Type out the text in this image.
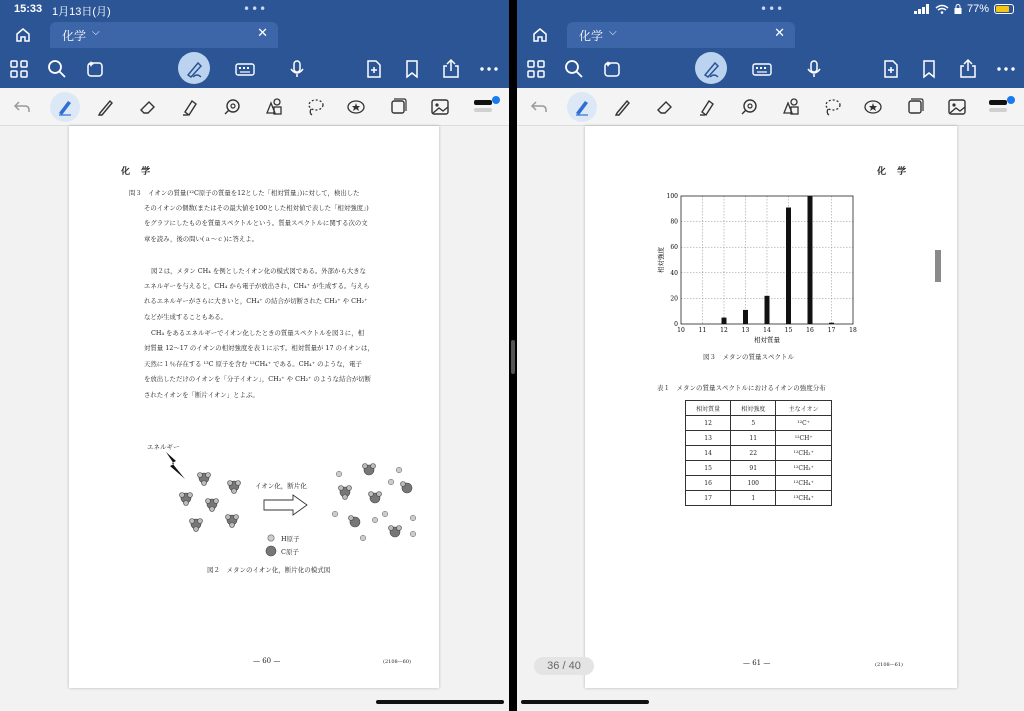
15:33 1月13日(月)	•••	•••	77%
化学 ⌵	✕
化 学

問３　イオンの質量(¹²C原子の質量を12とした「相対質量」)に対して，検出した

そのイオンの個数(またはその最大値を100とした相対値で表した「相対強度」)

をグラフにしたものを質量スペクトルという。質量スペクトルに関する次の文

章を読み，後の問い(ａ～ｃ)に答えよ。

図２は，メタン CH₄ を例としたイオン化の模式図である。外部から大きな

エネルギーを与えると，CH₄ から電子が放出され，CH₄⁺ が生成する。与えら

れるエネルギーがさらに大きいと，CH₄⁺ の結合が切断された CH₃⁺ や CH₂⁺

などが生成することもある。

CH₄ をあるエネルギーでイオン化したときの質量スペクトルを図３に，相

対質量 12～17 のイオンの相対強度を表１に示す。相対質量が 17 のイオンは，

天然に１％存在する ¹³C 原子を含む ¹³CH₄⁺ である。CH₄⁺ のような，電子

を放出しただけのイオンを「分子イオン」，CH₃⁺ や CH₂⁺ のような結合が切断

されたイオンを「断片イオン」とよぶ。

エネルギー
イオン化，断片化
H原子
C原子
図２　メタンのイオン化，断片化の模式図
— 60 —	(2108—60)
化学 ⌵	✕
化 学
10 11 12 13 14 15 16 17 18
0
20
40
60
80
100
相対質量
相対強度
図３　メタンの質量スペクトル
表１　メタンの質量スペクトルにおけるイオンの強度分布
相対質量	相対強度	主なイオン
12	5	¹²C⁺
13	11	¹²CH⁺
14	22	¹²CH₂⁺
15	91	¹²CH₃⁺
16	100	¹²CH₄⁺
17	1	¹³CH₄⁺
— 61 —	(2108—61)
36 / 40
